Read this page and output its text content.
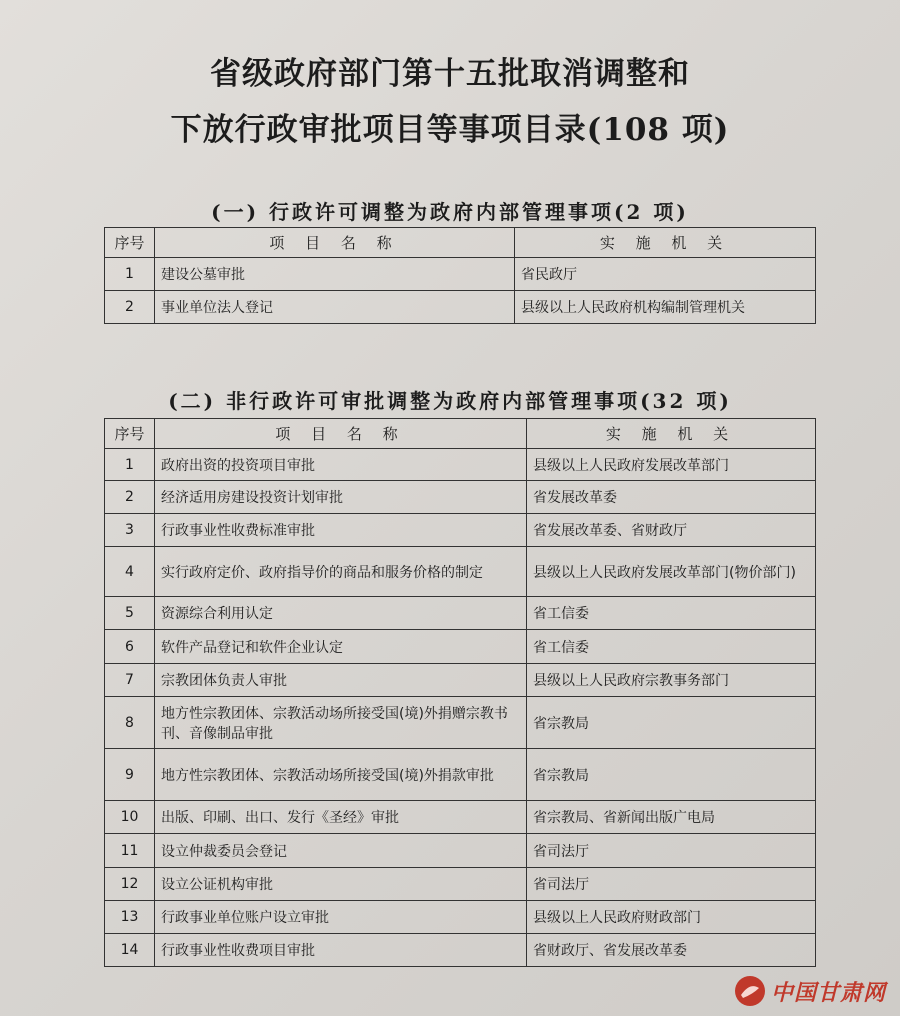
省级政府部门第十五批取消调整和
下放行政审批项目等事项目录(108 项)
(一) 行政许可调整为政府内部管理事项(2 项)
序号	项 目 名 称	实 施 机 关
1	建设公墓审批	省民政厅
2	事业单位法人登记	县级以上人民政府机构编制管理机关
(二) 非行政许可审批调整为政府内部管理事项(32 项)
序号	项 目 名 称	实 施 机 关
1	政府出资的投资项目审批	县级以上人民政府发展改革部门
2	经济适用房建设投资计划审批	省发展改革委
3	行政事业性收费标准审批	省发展改革委、省财政厅
4	实行政府定价、政府指导价的商品和服务价格的制定	县级以上人民政府发展改革部门(物价部门)
5	资源综合利用认定	省工信委
6	软件产品登记和软件企业认定	省工信委
7	宗教团体负责人审批	县级以上人民政府宗教事务部门
8	地方性宗教团体、宗教活动场所接受国(境)外捐赠宗教书刊、音像制品审批	省宗教局
9	地方性宗教团体、宗教活动场所接受国(境)外捐款审批	省宗教局
10	出版、印刷、出口、发行《圣经》审批	省宗教局、省新闻出版广电局
11	设立仲裁委员会登记	省司法厅
12	设立公证机构审批	省司法厅
13	行政事业单位账户设立审批	县级以上人民政府财政部门
14	行政事业性收费项目审批	省财政厅、省发展改革委
中国甘肃网
